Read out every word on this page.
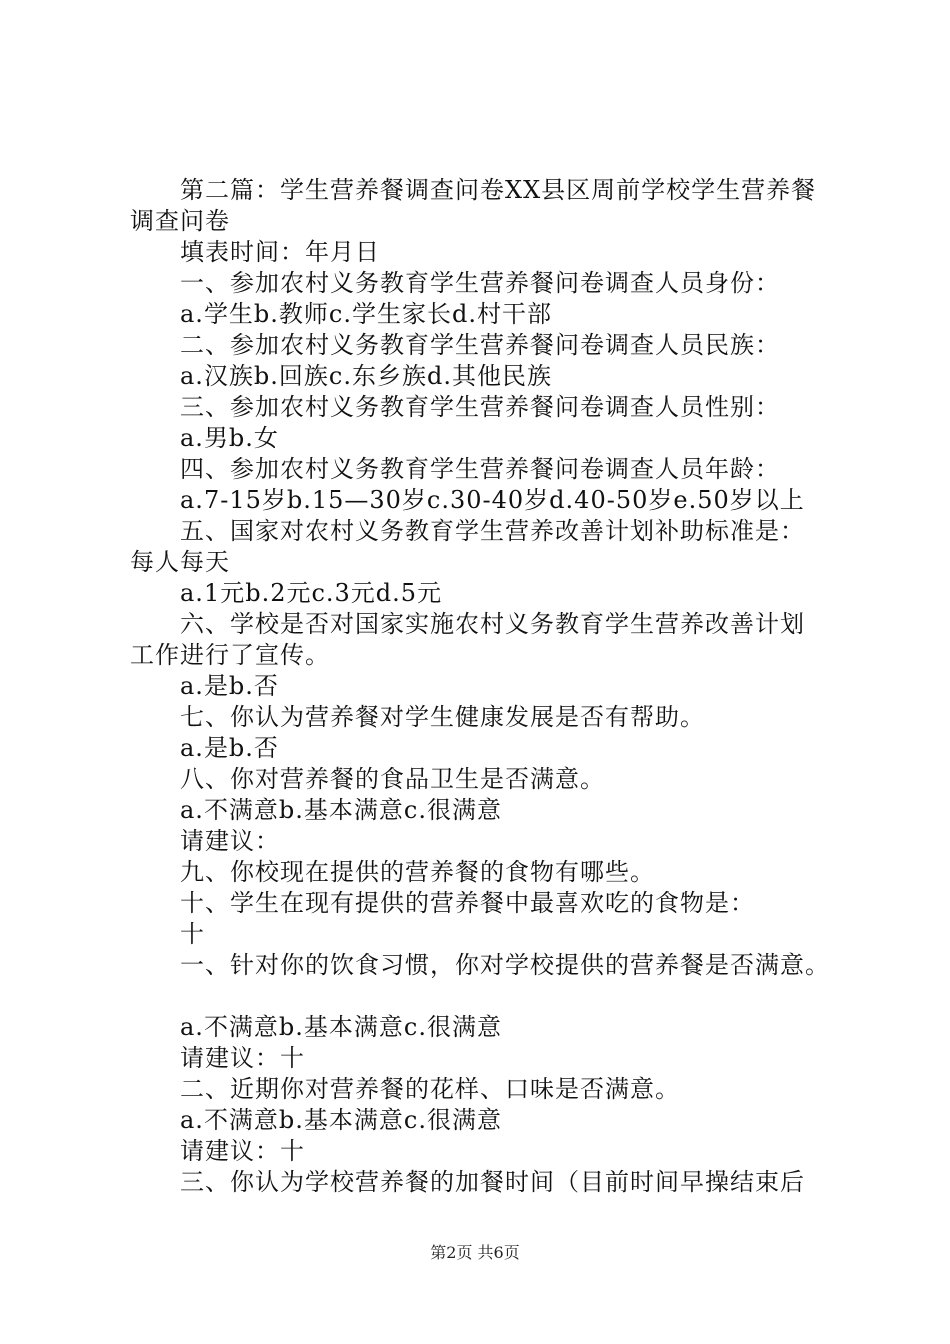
第二篇：学生营养餐调查问卷XX县区周前学校学生营养餐
调查问卷
填表时间：年月日
一、参加农村义务教育学生营养餐问卷调查人员身份：
a.学生b.教师c.学生家长d.村干部
二、参加农村义务教育学生营养餐问卷调查人员民族：
a.汉族b.回族c.东乡族d.其他民族
三、参加农村义务教育学生营养餐问卷调查人员性别：
a.男b.女
四、参加农村义务教育学生营养餐问卷调查人员年龄：
a.7-15岁b.15—30岁c.30-40岁d.40-50岁e.50岁以上
五、国家对农村义务教育学生营养改善计划补助标准是：
每人每天
a.1元b.2元c.3元d.5元
六、学校是否对国家实施农村义务教育学生营养改善计划
工作进行了宣传。
a.是b.否
七、你认为营养餐对学生健康发展是否有帮助。
a.是b.否
八、你对营养餐的食品卫生是否满意。
a.不满意b.基本满意c.很满意
请建议：
九、你校现在提供的营养餐的食物有哪些。
十、学生在现有提供的营养餐中最喜欢吃的食物是：
十
一、针对你的饮食习惯，你对学校提供的营养餐是否满意。
a.不满意b.基本满意c.很满意
请建议：十
二、近期你对营养餐的花样、口味是否满意。
a.不满意b.基本满意c.很满意
请建议：十
三、你认为学校营养餐的加餐时间（目前时间早操结束后
第2页 共6页
